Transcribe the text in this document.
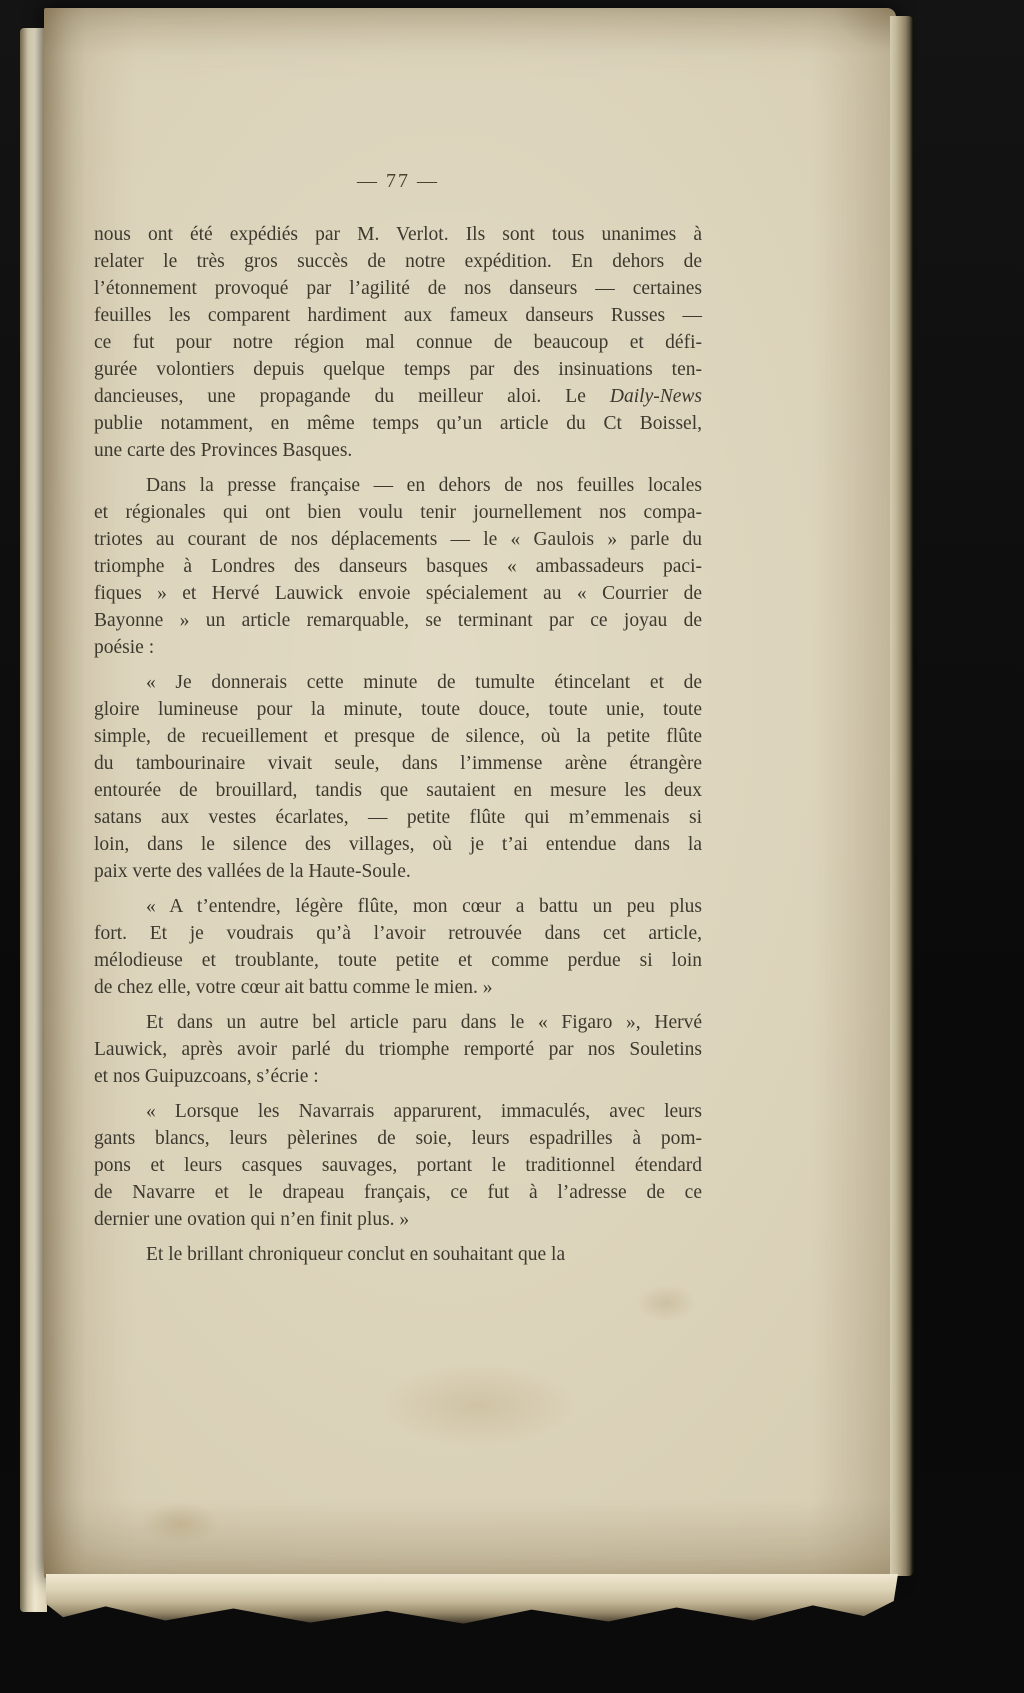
— 77 —
nous ont été expédiés par M. Verlot. Ils sont tous unanimes à
relater le très gros succès de notre expédition. En dehors de
l’étonnement provoqué par l’agilité de nos danseurs — certaines
feuilles les comparent hardiment aux fameux danseurs Russes —
ce fut pour notre région mal connue de beaucoup et défi-
gurée volontiers depuis quelque temps par des insinuations ten-
dancieuses, une propagande du meilleur aloi. Le Daily-News
publie notamment, en même temps qu’un article du Ct Boissel,
une carte des Provinces Basques.
Dans la presse française — en dehors de nos feuilles locales
et régionales qui ont bien voulu tenir journellement nos compa-
triotes au courant de nos déplacements — le « Gaulois » parle du
triomphe à Londres des danseurs basques « ambassadeurs paci-
fiques » et Hervé Lauwick envoie spécialement au « Courrier de
Bayonne » un article remarquable, se terminant par ce joyau de
poésie :
« Je donnerais cette minute de tumulte étincelant et de
gloire lumineuse pour la minute, toute douce, toute unie, toute
simple, de recueillement et presque de silence, où la petite flûte
du tambourinaire vivait seule, dans l’immense arène étrangère
entourée de brouillard, tandis que sautaient en mesure les deux
satans aux vestes écarlates, — petite flûte qui m’emmenais si
loin, dans le silence des villages, où je t’ai entendue dans la
paix verte des vallées de la Haute-Soule.
« A t’entendre, légère flûte, mon cœur a battu un peu plus
fort. Et je voudrais qu’à l’avoir retrouvée dans cet article,
mélodieuse et troublante, toute petite et comme perdue si loin
de chez elle, votre cœur ait battu comme le mien. »
Et dans un autre bel article paru dans le « Figaro », Hervé
Lauwick, après avoir parlé du triomphe remporté par nos Souletins
et nos Guipuzcoans, s’écrie :
« Lorsque les Navarrais apparurent, immaculés, avec leurs
gants blancs, leurs pèlerines de soie, leurs espadrilles à pom-
pons et leurs casques sauvages, portant le traditionnel étendard
de Navarre et le drapeau français, ce fut à l’adresse de ce
dernier une ovation qui n’en finit plus. »
Et le brillant chroniqueur conclut en souhaitant que la
